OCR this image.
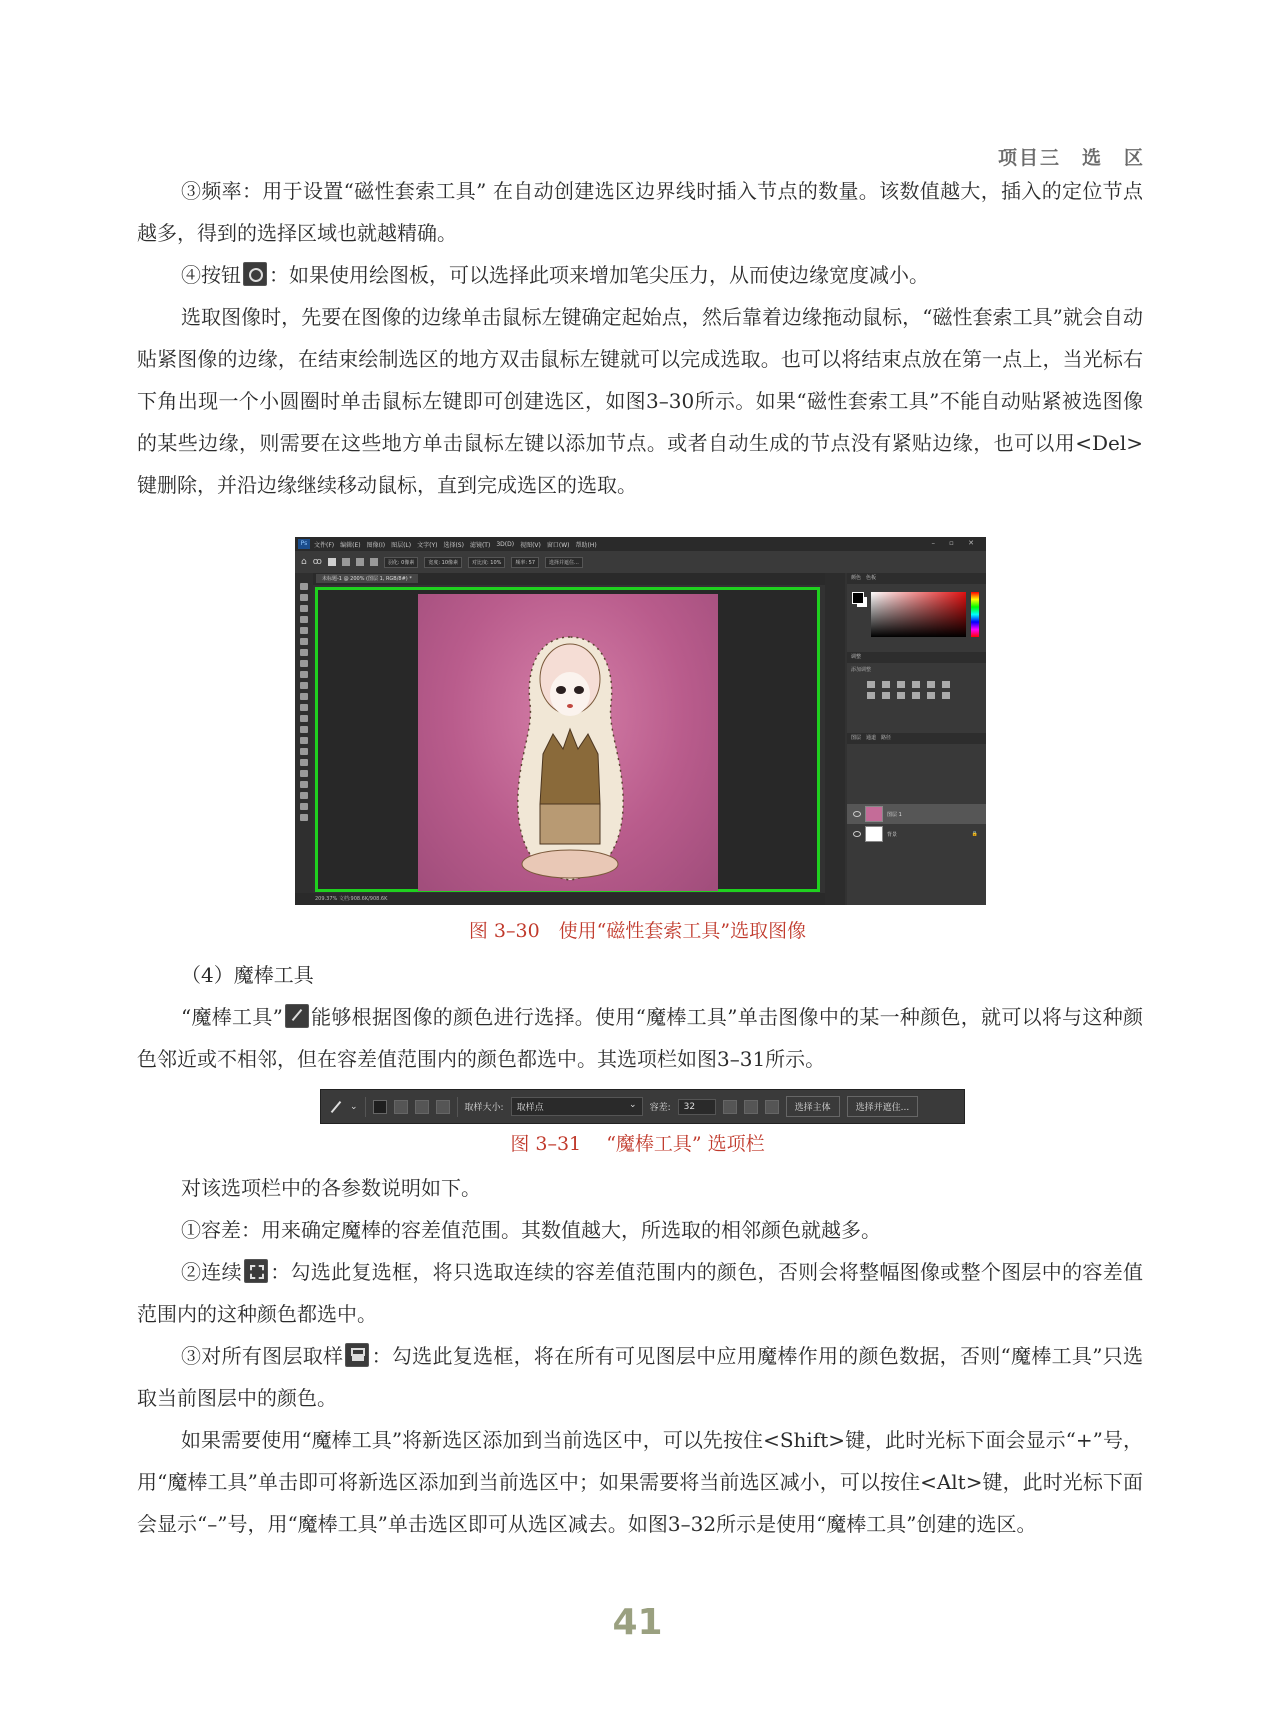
项目三　选　区

③频率：用于设置“磁性套索工具” 在自动创建选区边界线时插入节点的数量。该数值越大，插入的定位节点越多，得到的选择区域也就越精确。

④按钮 ：如果使用绘图板，可以选择此项来增加笔尖压力，从而使边缘宽度减小。

选取图像时，先要在图像的边缘单击鼠标左键确定起始点，然后靠着边缘拖动鼠标，“磁性套索工具”就会自动贴紧图像的边缘，在结束绘制选区的地方双击鼠标左键就可以完成选取。也可以将结束点放在第一点上，当光标右下角出现一个小圆圈时单击鼠标左键即可创建选区，如图3–30所示。如果“磁性套索工具”不能自动贴紧被选图像的某些边缘，则需要在这些地方单击鼠标左键以添加节点。或者自动生成的节点没有紧贴边缘，也可以用<Del>键删除，并沿边缘继续移动鼠标，直到完成选区的选取。

Ps	文件(F) 编辑(E) 图像(I) 图层(L) 文字(Y) 选择(S) 滤镜(T) 3D(D) 视图(V) 窗口(W) 帮助(H)	– ▫ ✕
⌂ ꝏ	羽化: 0像素	宽度: 10像素	对比度: 10%	频率: 57	选择并遮住...
未标题-1 @ 200% (图层 1, RGB/8#) *
209.37% 文档:908.6K/908.6K
颜色　色板
调整
添加调整
图层　通道　路径
图层 1
背景	🔒
图 3–30　使用“磁性套索工具”选取图像

（4）魔棒工具

“魔棒工具” 能够根据图像的颜色进行选择。使用“魔棒工具”单击图像中的某一种颜色，就可以将与这种颜色邻近或不相邻，但在容差值范围内的颜色都选中。其选项栏如图3–31所示。

⌄	取样大小:	取样点	⌄ 容差:	32	选择主体	选择并遮住...
图 3–31　 “魔棒工具” 选项栏

对该选项栏中的各参数说明如下。

①容差：用来确定魔棒的容差值范围。其数值越大，所选取的相邻颜色就越多。

②连续 ：勾选此复选框，将只选取连续的容差值范围内的颜色，否则会将整幅图像或整个图层中的容差值范围内的这种颜色都选中。

③对所有图层取样 ：勾选此复选框，将在所有可见图层中应用魔棒作用的颜色数据，否则“魔棒工具”只选取当前图层中的颜色。

如果需要使用“魔棒工具”将新选区添加到当前选区中，可以先按住<Shift>键，此时光标下面会显示“+”号，用“魔棒工具”单击即可将新选区添加到当前选区中；如果需要将当前选区减小，可以按住<Alt>键，此时光标下面会显示“–”号，用“魔棒工具”单击选区即可从选区减去。如图3–32所示是使用“魔棒工具”创建的选区。

41
